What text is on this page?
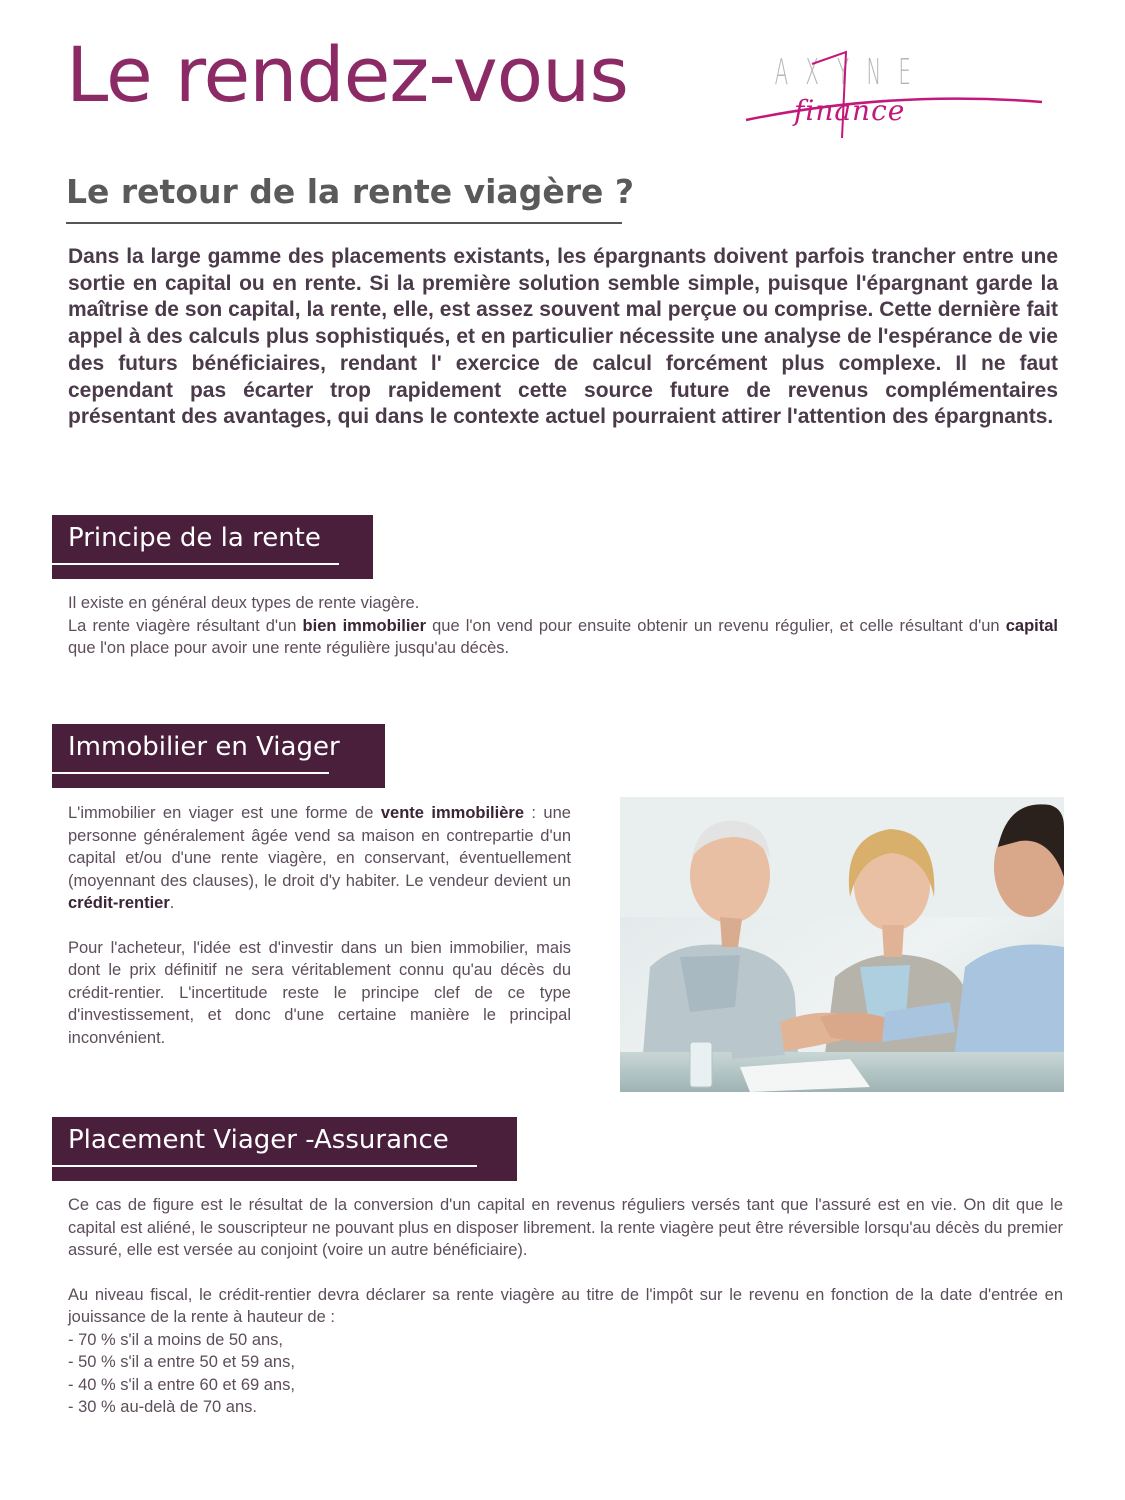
Le rendez-vous	A X Y N E
finance
Le retour de la rente viagère ?

Dans la large gamme des placements existants, les épargnants doivent parfois trancher entre une sortie en capital ou en rente. Si la première solution semble simple, puisque l'épargnant garde la maîtrise de son capital, la rente, elle, est assez souvent mal perçue ou comprise. Cette dernière fait appel à des calculs plus sophistiqués, et en particulier nécessite une analyse de l'espérance de vie des futurs bénéficiaires, rendant l' exercice de calcul forcément plus complexe. Il ne faut cependant pas écarter trop rapidement cette source future de revenus complémentaires présentant des avantages, qui dans le contexte actuel pourraient attirer l'attention des épargnants.

Principe de la rente
Il existe en général deux types de rente viagère.
La rente viagère résultant d'un bien immobilier que l'on vend pour ensuite obtenir un revenu régulier, et celle résultant d'un capital que l'on place pour avoir une rente régulière jusqu'au décès.
Immobilier en Viager
L'immobilier en viager est une forme de vente immobilière : une personne généralement âgée vend sa maison en contrepartie d'un capital et/ou d'une rente viagère, en conservant, éventuellement (moyennant des clauses), le droit d'y habiter. Le vendeur devient un crédit-rentier.
Pour l'acheteur, l'idée est d'investir dans un bien immobilier, mais dont le prix définitif ne sera véritablement connu qu'au décès du crédit-rentier. L'incertitude reste le principe clef de ce type d'investissement, et donc d'une certaine manière le principal inconvénient.
Placement Viager -Assurance
Ce cas de figure est le résultat de la conversion d'un capital en revenus réguliers versés tant que l'assuré est en vie. On dit que le capital est aliéné, le souscripteur ne pouvant plus en disposer librement. la rente viagère peut être réversible lorsqu'au décès du premier assuré, elle est versée au conjoint (voire un autre bénéficiaire).
Au niveau fiscal, le crédit-rentier devra déclarer sa rente viagère au titre de l'impôt sur le revenu en fonction de la date d'entrée en jouissance de la rente à hauteur de :
- 70 % s'il a moins de 50 ans,
- 50 % s'il a entre 50 et 59 ans,
- 40 % s'il a entre 60 et 69 ans,
- 30 % au-delà de 70 ans.
